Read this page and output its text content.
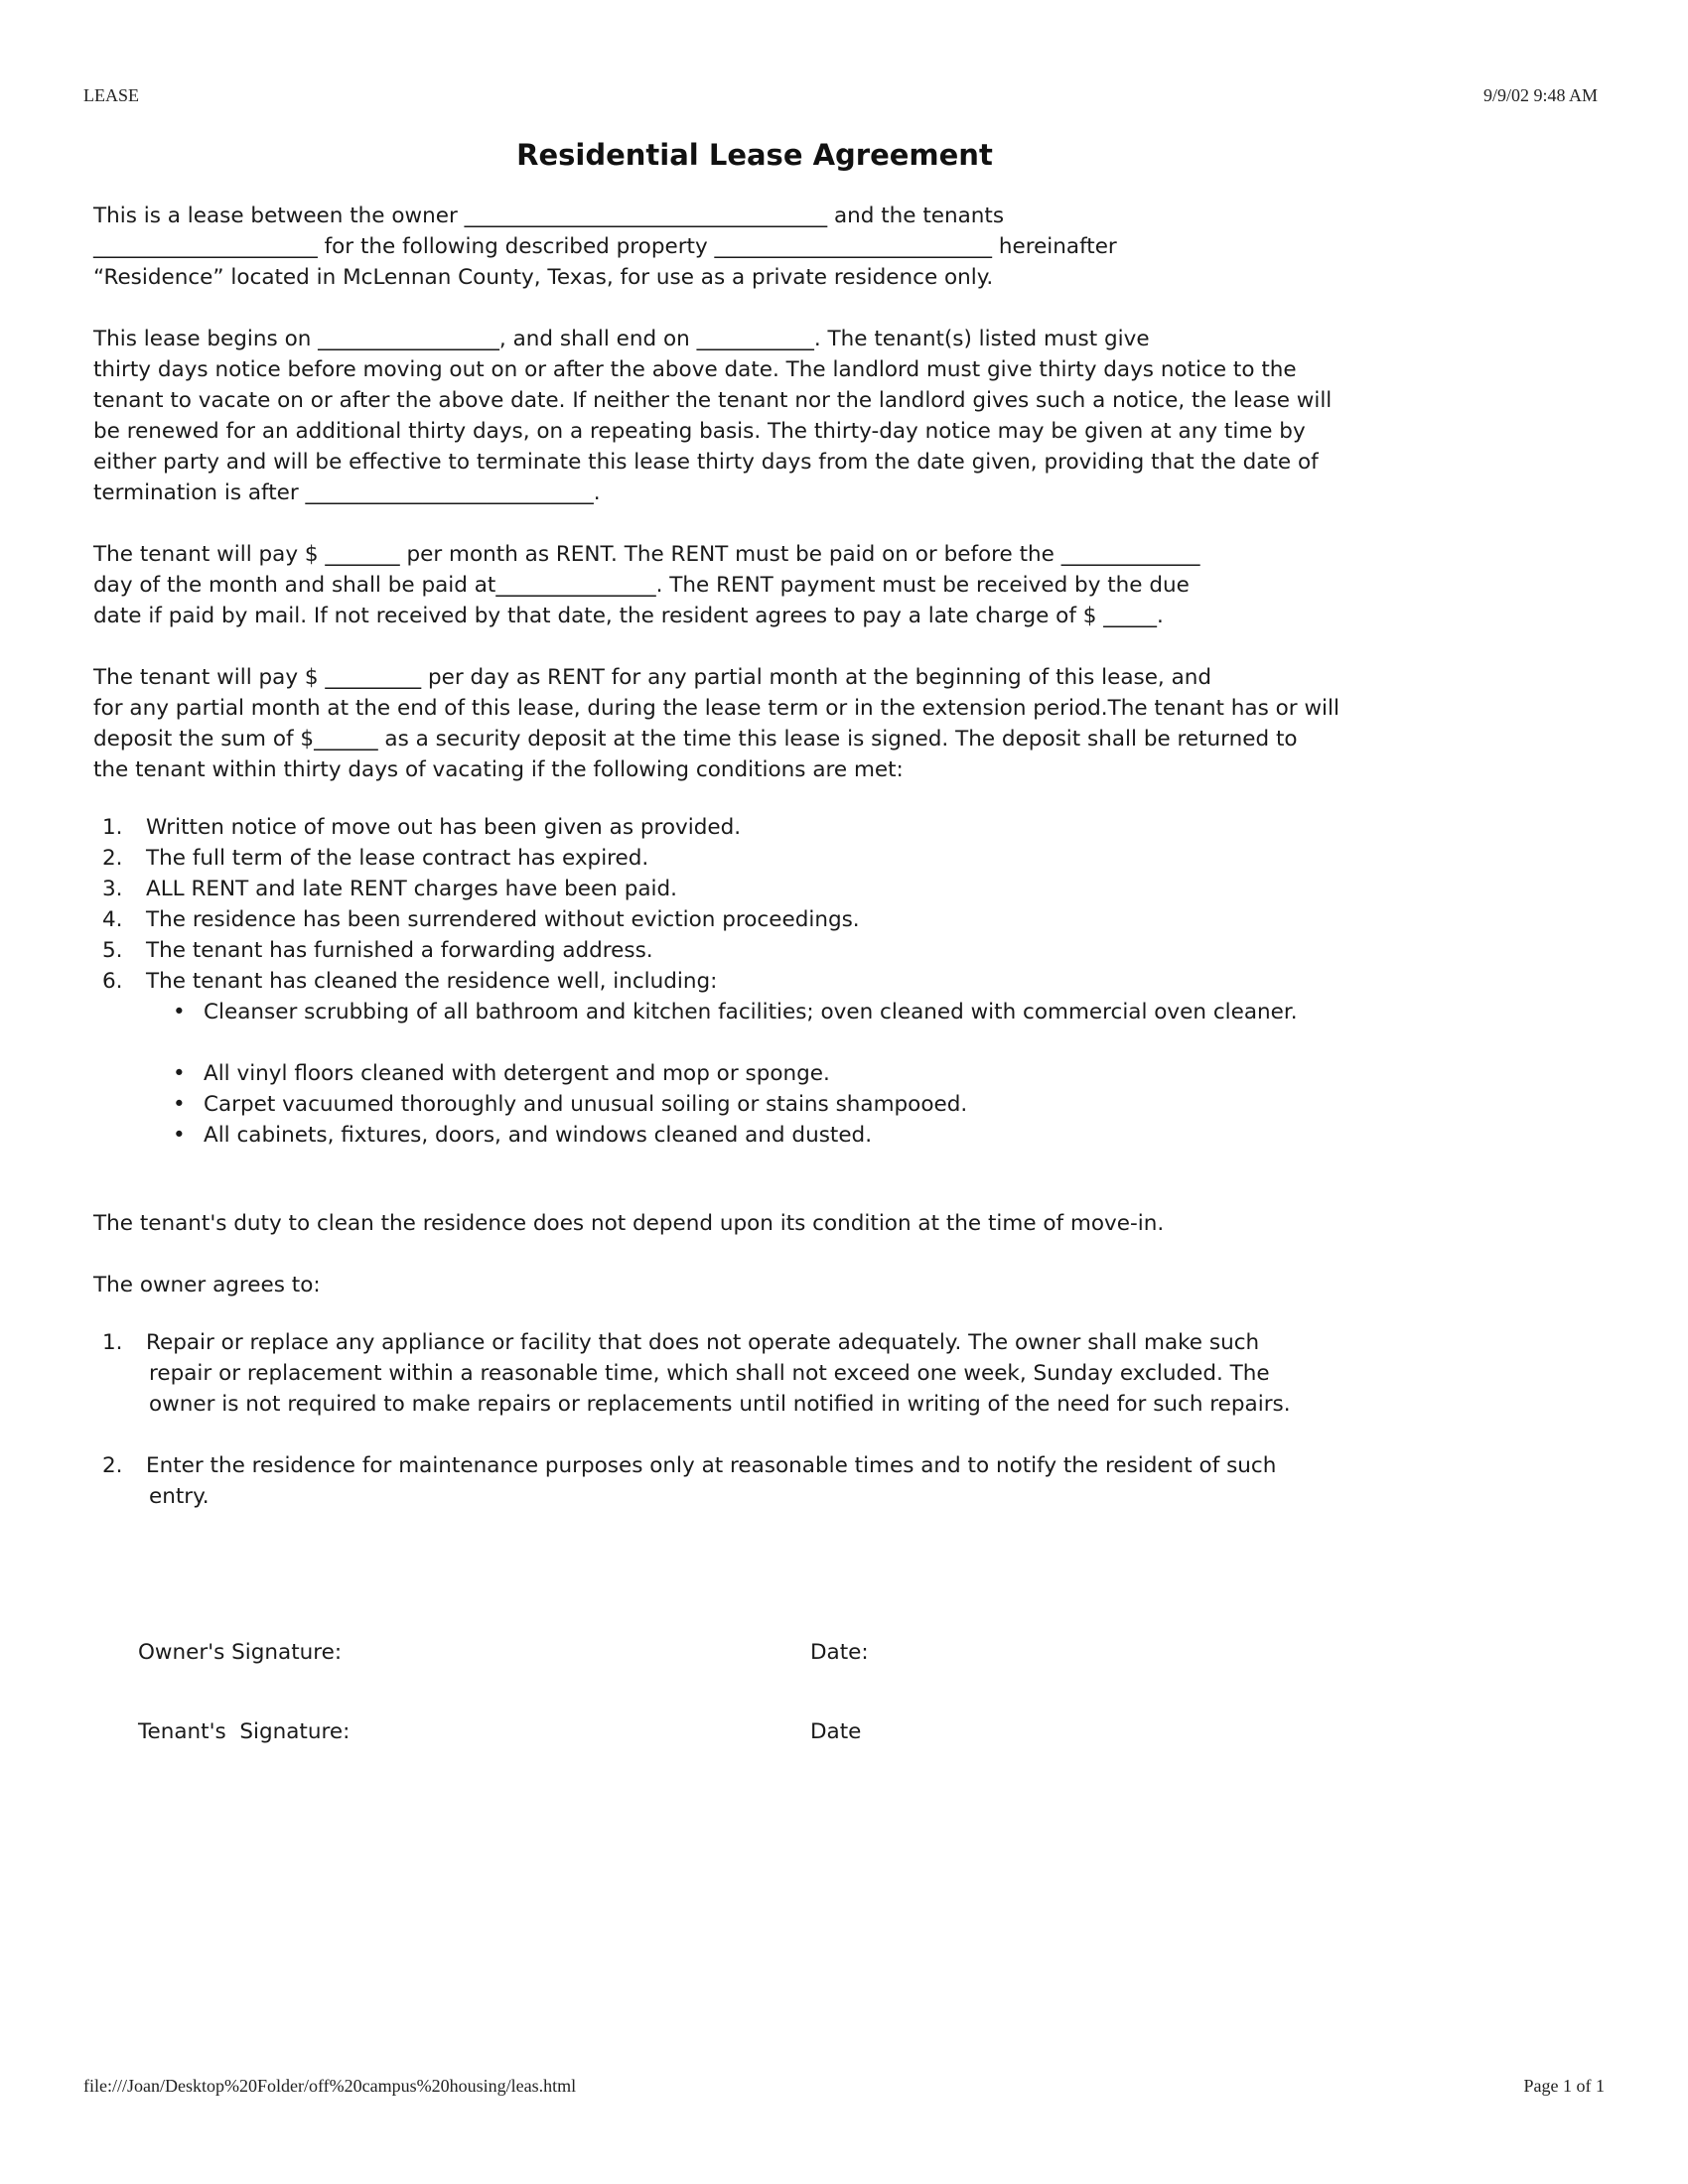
LEASE	9/9/02 9:48 AM
Residential Lease Agreement
This is a lease between the owner __________________________________ and the tenants
_____________________ for the following described property __________________________ hereinafter
“Residence” located in McLennan County, Texas, for use as a private residence only.
This lease begins on _________________, and shall end on ___________. The tenant(s) listed must give
thirty days notice before moving out on or after the above date. The landlord must give thirty days notice to the
tenant to vacate on or after the above date. If neither the tenant nor the landlord gives such a notice, the lease will
be renewed for an additional thirty days, on a repeating basis. The thirty-day notice may be given at any time by
either party and will be effective to terminate this lease thirty days from the date given, providing that the date of
termination is after ___________________________.
The tenant will pay $ _______ per month as RENT. The RENT must be paid on or before the _____________
day of the month and shall be paid at_______________. The RENT payment must be received by the due
date if paid by mail. If not received by that date, the resident agrees to pay a late charge of $ _____.
The tenant will pay $ _________ per day as RENT for any partial month at the beginning of this lease, and
for any partial month at the end of this lease, during the lease term or in the extension period.The tenant has or will
deposit the sum of $______ as a security deposit at the time this lease is signed. The deposit shall be returned to
the tenant within thirty days of vacating if the following conditions are met:
1. Written notice of move out has been given as provided.
2. The full term of the lease contract has expired.
3. ALL RENT and late RENT charges have been paid.
4. The residence has been surrendered without eviction proceedings.
5. The tenant has furnished a forwarding address.
6. The tenant has cleaned the residence well, including:
• Cleanser scrubbing of all bathroom and kitchen facilities; oven cleaned with commercial oven cleaner.
• All vinyl floors cleaned with detergent and mop or sponge.
• Carpet vacuumed thoroughly and unusual soiling or stains shampooed.
• All cabinets, fixtures, doors, and windows cleaned and dusted.
The tenant's duty to clean the residence does not depend upon its condition at the time of move-in.
The owner agrees to:
1. Repair or replace any appliance or facility that does not operate adequately. The owner shall make such
repair or replacement within a reasonable time, which shall not exceed one week, Sunday excluded. The
owner is not required to make repairs or replacements until notified in writing of the need for such repairs.
2. Enter the residence for maintenance purposes only at reasonable times and to notify the resident of such
entry.
Owner's Signature:	Date:
Tenant's  Signature:	Date
file:///Joan/Desktop%20Folder/off%20campus%20housing/leas.html	Page 1 of 1
